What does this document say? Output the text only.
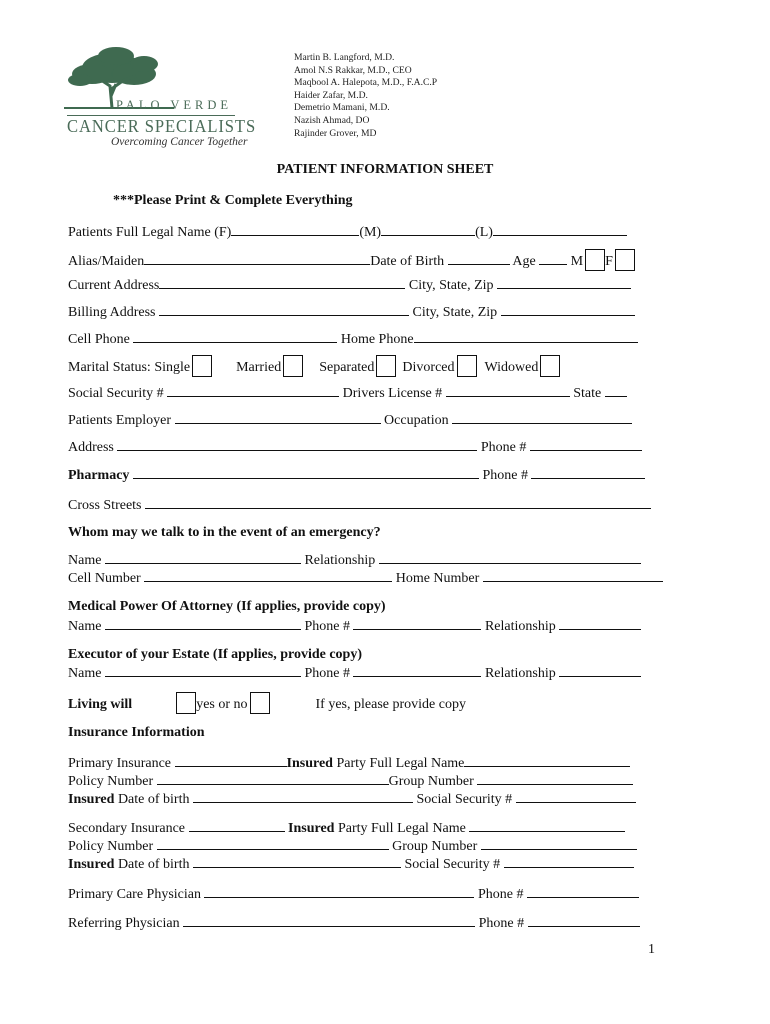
PALO VERDE
CANCER SPECIALISTS
Overcoming Cancer Together
Martin B. Langford, M.D.
Amol N.S Rakkar, M.D., CEO
Maqbool A. Halepota, M.D., F.A.C.P
Haider Zafar, M.D.
Demetrio Mamani, M.D.
Nazish Ahmad, DO
Rajinder Grover, MD
PATIENT INFORMATION SHEET
***Please Print & Complete Everything
Patients Full Legal Name (F)	(M)	(L)
Alias/Maiden	Date of Birth	Age	M F
Current Address	City, State, Zip
Billing Address	City, State, Zip
Cell Phone	Home Phone
Marital Status: Single	Married	Separated Divorced Widowed
Social Security #	Drivers License #	State
Patients Employer	Occupation
Address	Phone #
Pharmacy	Phone #
Cross Streets
Whom may we talk to in the event of an emergency?
Name	Relationship
Cell Number	Home Number
Medical Power Of Attorney (If applies, provide copy)
Name	Phone #	Relationship
Executor of your Estate (If applies, provide copy)
Name	Phone #	Relationship
Living will	yes or no	If yes, please provide copy
Insurance Information
Primary Insurance	Insured Party Full Legal Name
Policy Number	Group Number
Insured Date of birth	Social Security #
Secondary Insurance	Insured Party Full Legal Name
Policy Number	Group Number
Insured Date of birth	Social Security #
Primary Care Physician	Phone #
Referring Physician	Phone #
1
